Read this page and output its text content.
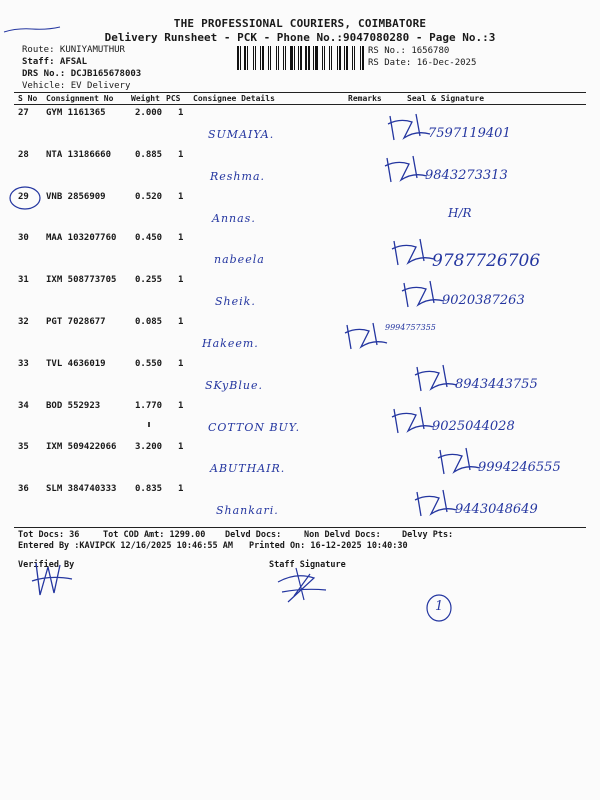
THE PROFESSIONAL COURIERS, COIMBATORE
Delivery Runsheet - PCK - Phone No.:9047080280 - Page No.:3
Route: KUNIYAMUTHUR
Staff: AFSAL
DRS No.: DCJB165678003
Vehicle: EV Delivery
RS No.: 1656780
RS Date: 16-Dec-2025
S No Consignment No Weight PCS Consignee Details	Remarks	Seal & Signature
27 GYM 1161365	2.000 1
SUMAIYA.	7597119401
28 NTA 13186660	0.885 1
Reshma.	9843273313
29 VNB 2856909	0.520 1
Annas.	H/R
30 MAA 103207760 0.450 1
nabeela	9787726706
31 IXM 508773705 0.255 1
Sheik.	9020387263
32 PGT 7028677	0.085 1
Hakeem.
9994757355
33 TVL 4636019	0.550 1
SKyBlue.	8943443755
34 BOD 552923	1.770 1
COTTON BUY.	9025044028
35 IXM 509422066 3.200 1
ABUTHAIR.	9994246555
36 SLM 384740333 0.835 1
Shankari.	9443048649
Tot Docs: 36	Tot COD Amt: 1299.00 Delvd Docs:	Non Delvd Docs: Delvy Pts:
Entered By :KAVIPCK 12/16/2025 10:46:55 AM Printed On: 16-12-2025 10:40:30
Verified By	Staff Signature
1
